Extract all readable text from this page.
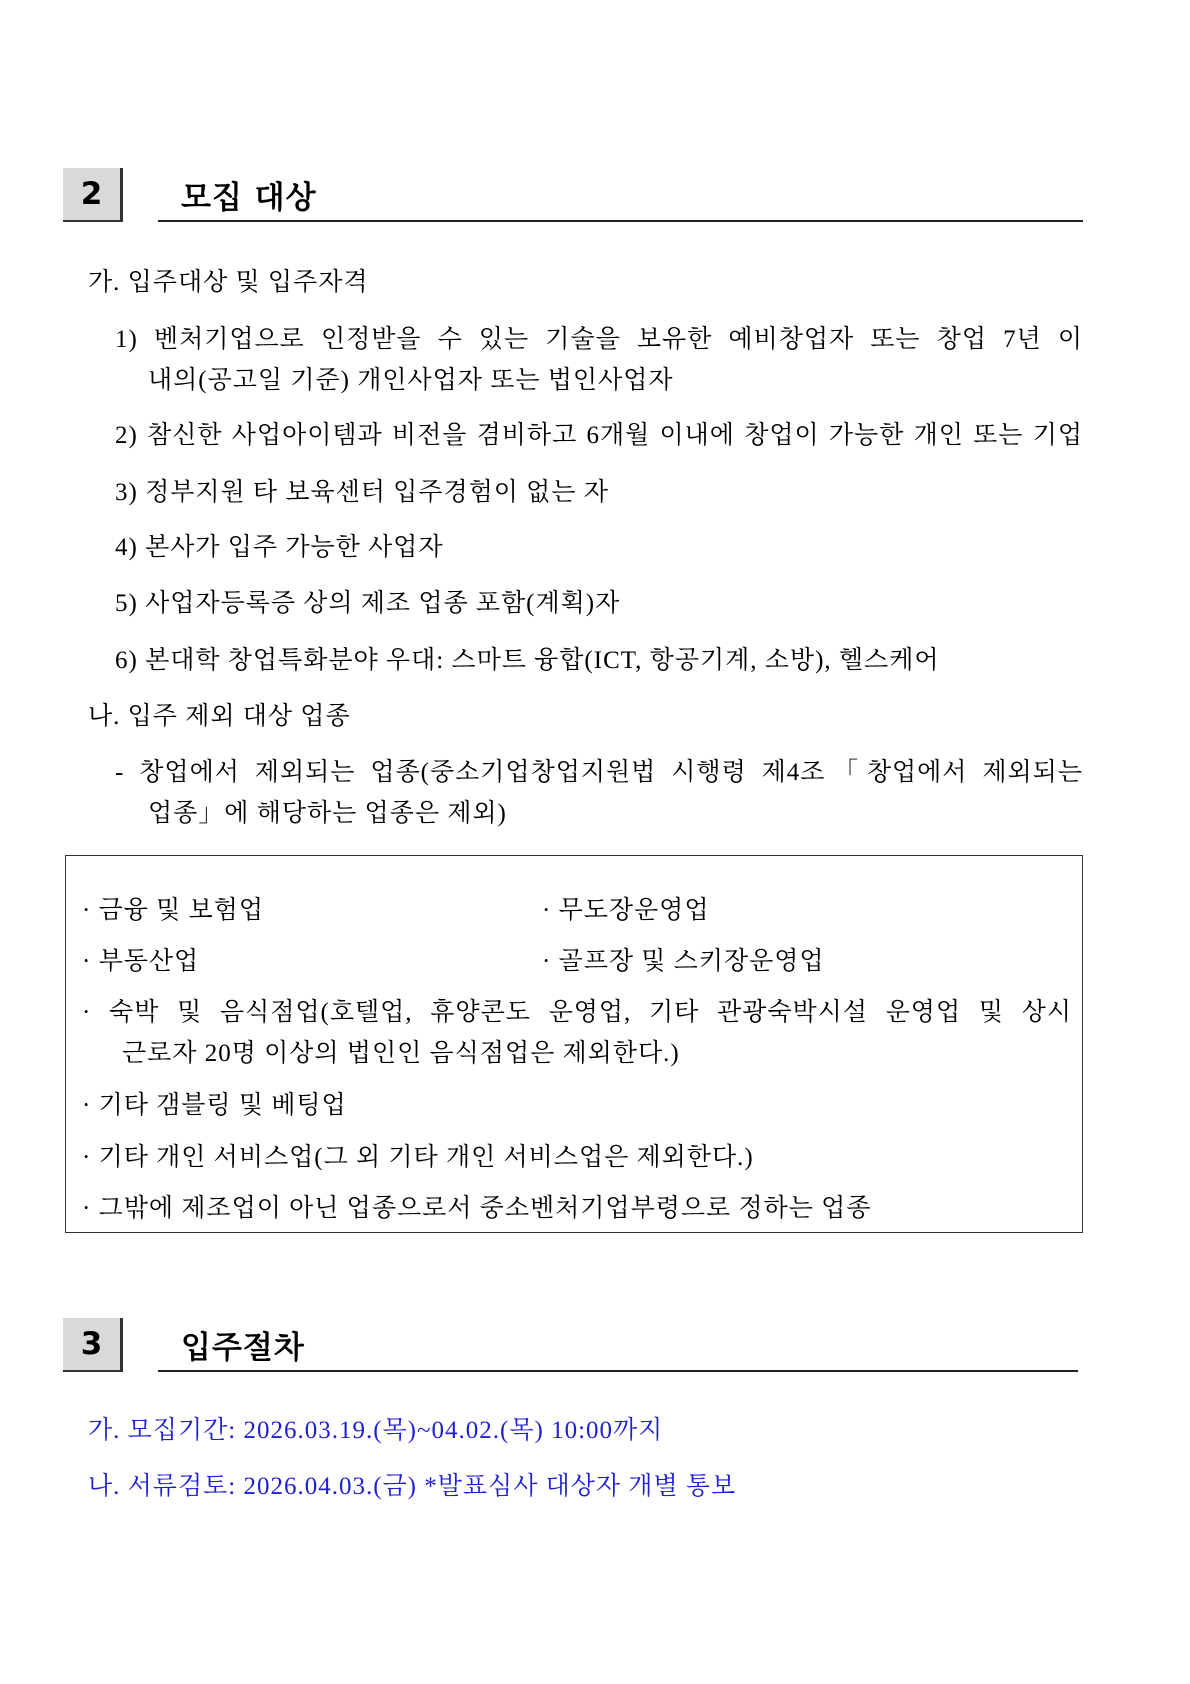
2	모집 대상
가. 입주대상 및 입주자격
1) 벤처기업으로 인정받을 수 있는 기술을 보유한 예비창업자 또는 창업 7년 이
내의(공고일 기준) 개인사업자 또는 법인사업자
2) 참신한 사업아이템과 비전을 겸비하고 6개월 이내에 창업이 가능한 개인 또는 기업
3) 정부지원 타 보육센터 입주경험이 없는 자
4) 본사가 입주 가능한 사업자
5) 사업자등록증 상의 제조 업종 포함(계획)자
6) 본대학 창업특화분야 우대: 스마트 융합(ICT, 항공기계, 소방), 헬스케어
나. 입주 제외 대상 업종
- 창업에서 제외되는 업종(중소기업창업지원법 시행령 제4조「창업에서 제외되는
업종」에 해당하는 업종은 제외)
· 금융 및 보험업	· 무도장운영업
· 부동산업	· 골프장 및 스키장운영업
· 숙박 및 음식점업(호텔업, 휴양콘도 운영업, 기타 관광숙박시설 운영업 및 상시
근로자 20명 이상의 법인인 음식점업은 제외한다.)
· 기타 갬블링 및 베팅업
· 기타 개인 서비스업(그 외 기타 개인 서비스업은 제외한다.)
· 그밖에 제조업이 아닌 업종으로서 중소벤처기업부령으로 정하는 업종
3	입주절차
가. 모집기간: 2026.03.19.(목)~04.02.(목) 10:00까지
나. 서류검토: 2026.04.03.(금) *발표심사 대상자 개별 통보
